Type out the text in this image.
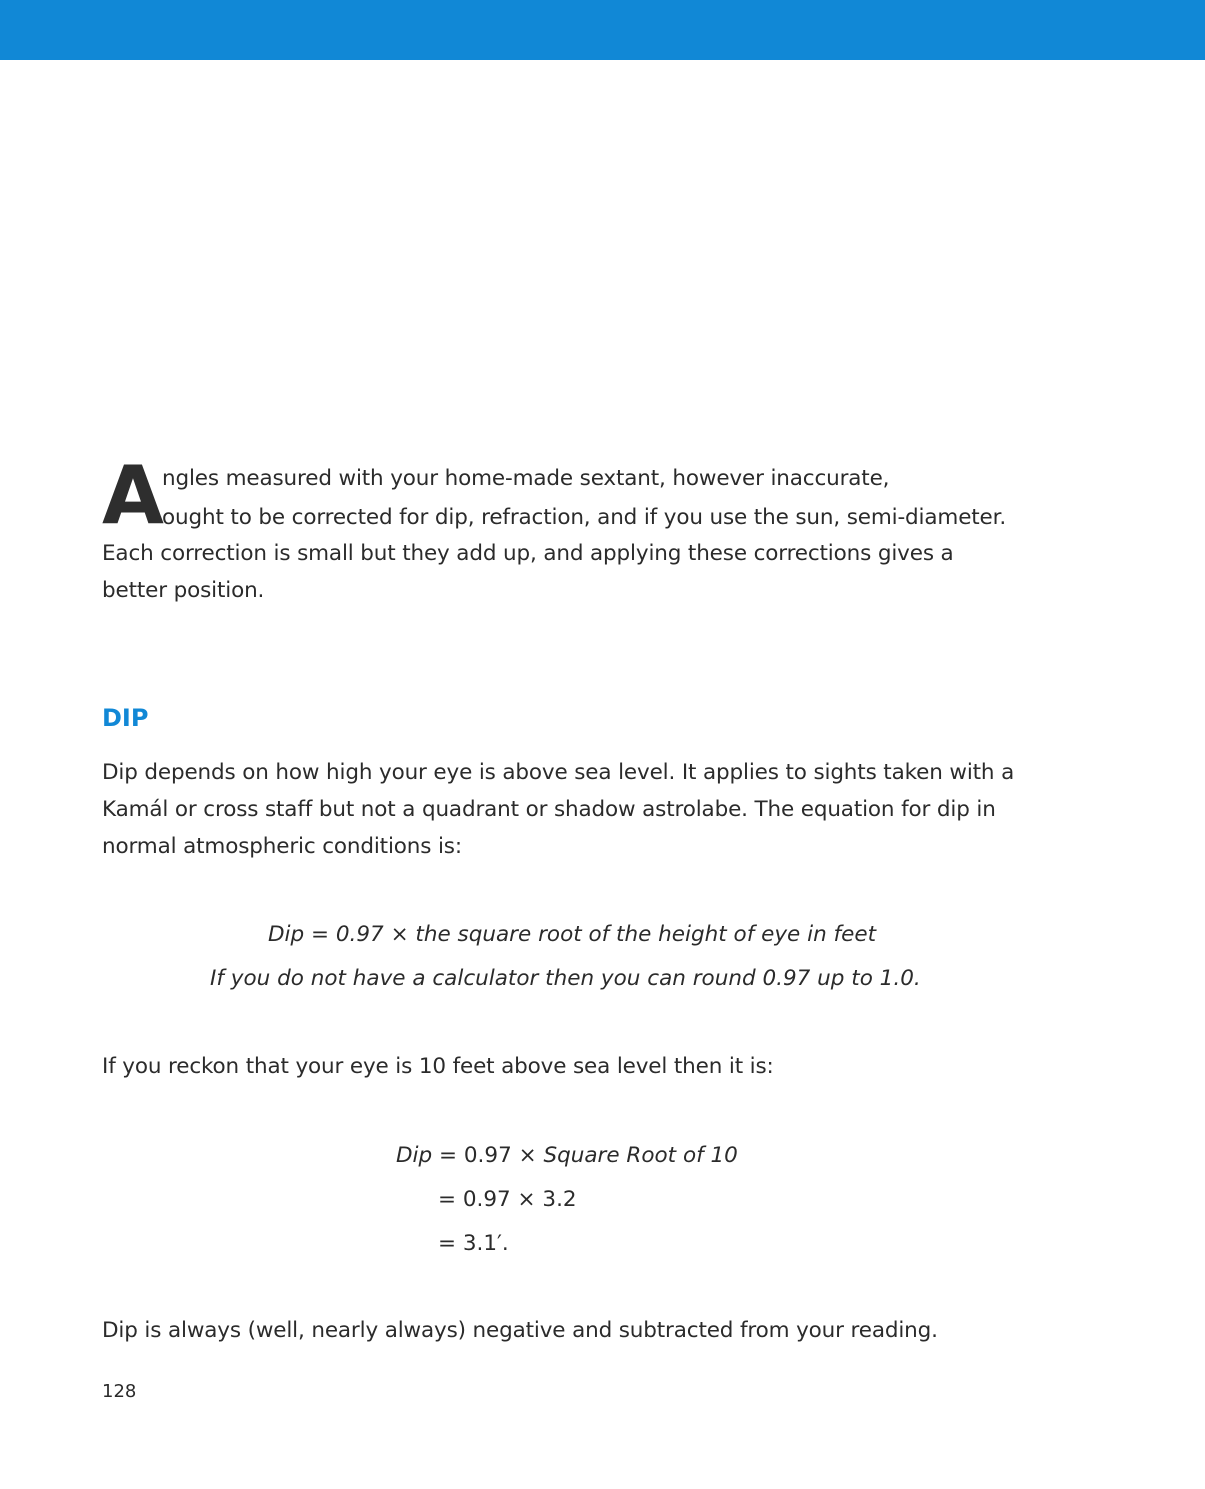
A
ngles measured with your home-made sextant, however inaccurate,
ought to be corrected for dip, refraction, and if you use the sun, semi-diameter.
Each correction is small but they add up, and applying these corrections gives a
better position.
DIP
Dip depends on how high your eye is above sea level. It applies to sights taken with a
Kamál or cross staff but not a quadrant or shadow astrolabe. The equation for dip in
normal atmospheric conditions is:
Dip = 0.97 × the square root of the height of eye in feet
If you do not have a calculator then you can round 0.97 up to 1.0.
If you reckon that your eye is 10 feet above sea level then it is:
Dip = 0.97 × Square Root of 10
= 0.97 × 3.2
= 3.1′.
Dip is always (well, nearly always) negative and subtracted from your reading.
128
